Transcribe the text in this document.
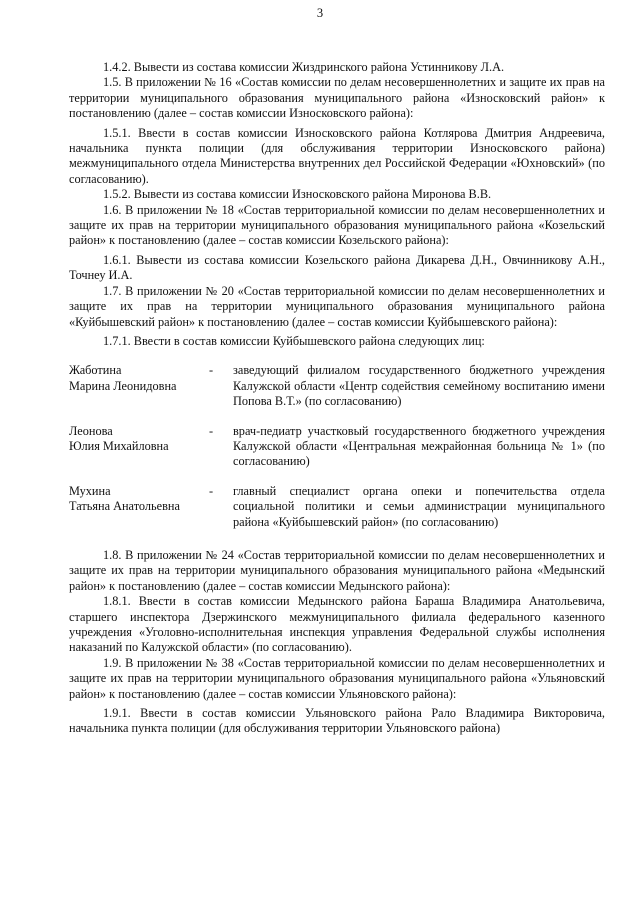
3

1.4.2. Вывести из состава комиссии Жиздринского района Устинникову Л.А.

1.5. В приложении № 16 «Состав комиссии по делам несовершеннолетних и защите их прав на территории муниципального образования муниципального района «Износковский район» к постановлению (далее – состав комиссии Износковского района):

1.5.1. Ввести в состав комиссии Износковского района Котлярова Дмитрия Андреевича, начальника пункта полиции (для обслуживания территории Износковского района) межмуниципального отдела Министерства внутренних дел Российской Федерации «Юхновский» (по согласованию).

1.5.2. Вывести из состава комиссии Износковского района Миронова В.В.

1.6. В приложении № 18 «Состав территориальной комиссии по делам несовершеннолетних и защите их прав на территории муниципального образования муниципального района «Козельский район» к постановлению (далее – состав комиссии Козельского района):

1.6.1. Вывести из состава комиссии Козельского района Дикарева Д.Н., Овчинникову А.Н., Точнеу И.А.

1.7. В приложении № 20 «Состав территориальной комиссии по делам несовершеннолетних и защите их прав на территории муниципального образования муниципального района «Куйбышевский район» к постановлению (далее – состав комиссии Куйбышевского района):

1.7.1. Ввести в состав комиссии Куйбышевского района следующих лиц:

Жаботина
Марина Леонидовна
-	заведующий филиалом государственного бюджетного учреждения Калужской области «Центр содействия семейному воспитанию имени Попова В.Т.» (по согласованию)
Леонова
Юлия Михайловна
-	врач-педиатр участковый государственного бюджетного учреждения Калужской области «Центральная межрайонная больница № 1» (по согласованию)
Мухина
Татьяна Анатольевна
-	главный специалист органа опеки и попечительства отдела социальной политики и семьи администрации муниципального района «Куйбышевский район» (по согласованию)

1.8. В приложении № 24 «Состав территориальной комиссии по делам несовершеннолетних и защите их прав на территории муниципального образования муниципального района «Медынский район» к постановлению (далее – состав комиссии Медынского района):

1.8.1. Ввести в состав комиссии Медынского района Бараша Владимира Анатольевича, старшего инспектора Дзержинского межмуниципального филиала федерального казенного учреждения «Уголовно-исполнительная инспекция управления Федеральной службы исполнения наказаний по Калужской области» (по согласованию).

1.9. В приложении № 38 «Состав территориальной комиссии по делам несовершеннолетних и защите их прав на территории муниципального образования муниципального района «Ульяновский район» к постановлению (далее – состав комиссии Ульяновского района):

1.9.1. Ввести в состав комиссии Ульяновского района Рало Владимира Викторовича, начальника пункта полиции (для обслуживания территории Ульяновского района)
